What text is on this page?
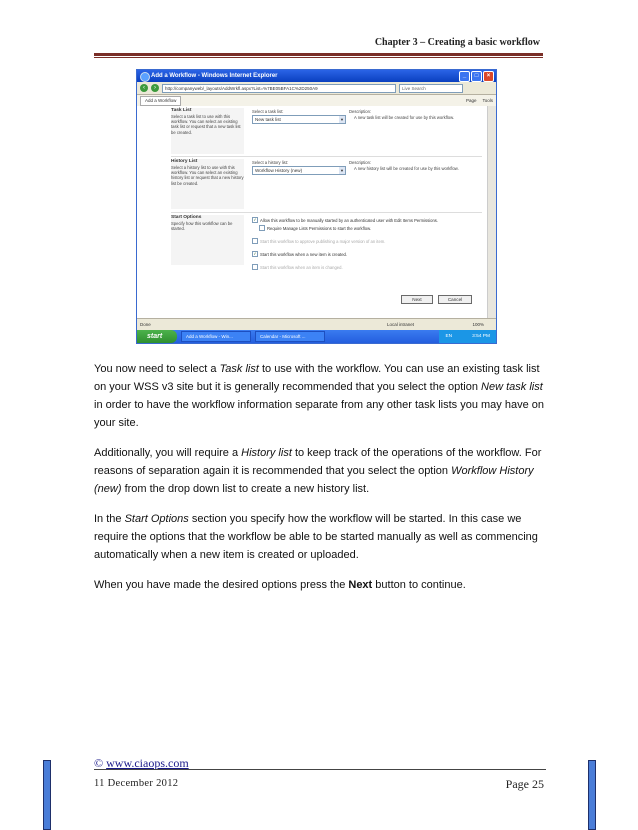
Chapter 3 – Creating a basic workflow
Add a Workflow - Windows Internet Explorer	_	□	×
‹	›	http://companyweb/_layouts/AddWrkfl.aspx?List=%7BE05BFA1C%2D250A9	Live Search
Add a Workflow	Page Tools
Task List
Select a task list to use with this workflow. You can select an existing task list or request that a new task list be created.
Select a task list:
New task list	▼
Description:
A new task list will be created for use by this workflow.
History List
Select a history list to use with this workflow. You can select an existing history list or request that a new history list be created.
Select a history list:
Workflow History (new)	▼
Description:
A new history list will be created for use by this workflow.
Start Options
Specify how this workflow can be started.
✓ Allow this workflow to be manually started by an authenticated user with Edit Items Permissions.
Require Manage Lists Permissions to start the workflow.
Start this workflow to approve publishing a major version of an item.
✓ Start this workflow when a new item is created.
Start this workflow when an item is changed.
Next	Cancel
Done	Local intranet	100%
start	Add a Workflow - Win...	Calendar - Microsoft ...	EN	3:54 PM

You now need to select a Task list to use with the workflow. You can use an existing task list on your WSS v3 site but it is generally recommended that you select the option New task list in order to have the workflow information separate from any other task lists you may have on your site.

Additionally, you will require a History list to keep track of the operations of the workflow. For reasons of separation again it is recommended that you select the option Workflow History (new) from the drop down list to create a new history list.

In the Start Options section you specify how the workflow will be started. In this case we require the options that the workflow be able to be started manually as well as commencing automatically when a new item is created or uploaded.

When you have made the desired options press the Next button to continue.

© www.ciaops.com
11 December 2012	Page 25
